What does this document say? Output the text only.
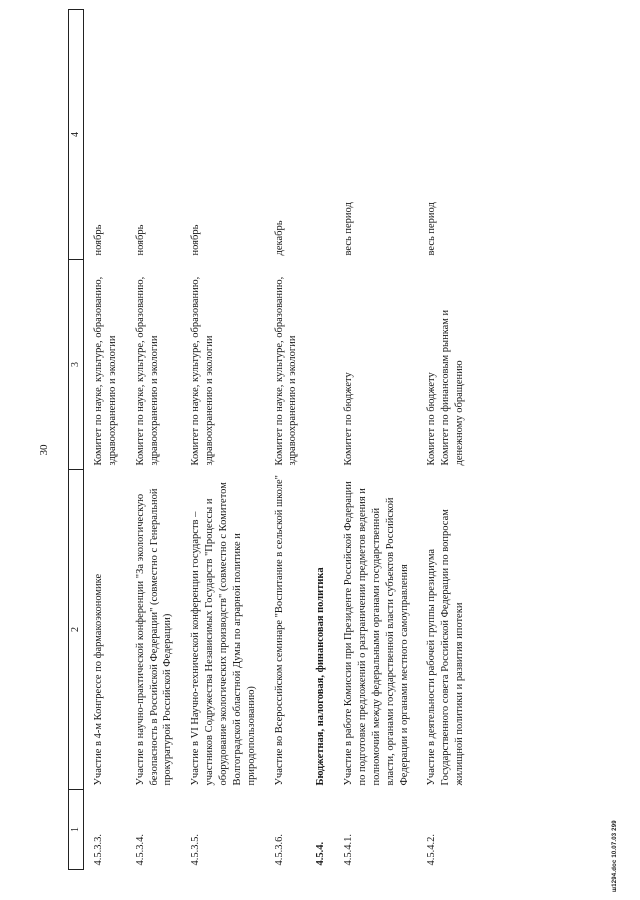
30
1	2	3	4
4.5.3.3.	Участие в 4-м Конгрессе по фармакоэкономике	Комитет по науке, культуре, образованию, здравоохранению и экологии	ноябрь
4.5.3.4.	Участие в научно-практической конференции "За экологическую безопасность в Российской Федерации" (совместно с Генеральной прокуратурой Российской Федерации)	Комитет по науке, культуре, образованию, здравоохранению и экологии	ноябрь
4.5.3.5.	Участие в VI Научно-технической конференции государств – участников Содружества Независимых Государств "Процессы и оборудование экологических производств" (совместно с Комитетом Волгоградской областной Думы по аграрной политике и природопользованию)	Комитет по науке, культуре, образованию, здравоохранению и экологии	ноябрь
4.5.3.6.	Участие во Всероссийском семинаре "Воспитание в сельской школе"	Комитет по науке, культуре, образованию, здравоохранению и экологии	декабрь
4.5.4.	Бюджетная, налоговая, финансовая политика		
4.5.4.1.	Участие в работе Комиссии при Президенте Российской Федерации по подготовке предложений о разграничении предметов ведения и полномочий между федеральными органами государственной власти, органами государственной власти субъектов Российской Федерации и органами местного самоуправления	Комитет по бюджету	весь период
4.5.4.2.	Участие в деятельности рабочей группы президиума Государственного совета Российской Федерации по вопросам жилищной политики и развития ипотеки	Комитет по бюджету Комитет по финансовым рынкам и денежному обращению	весь период
ш1294.doc 10.07.03 299
